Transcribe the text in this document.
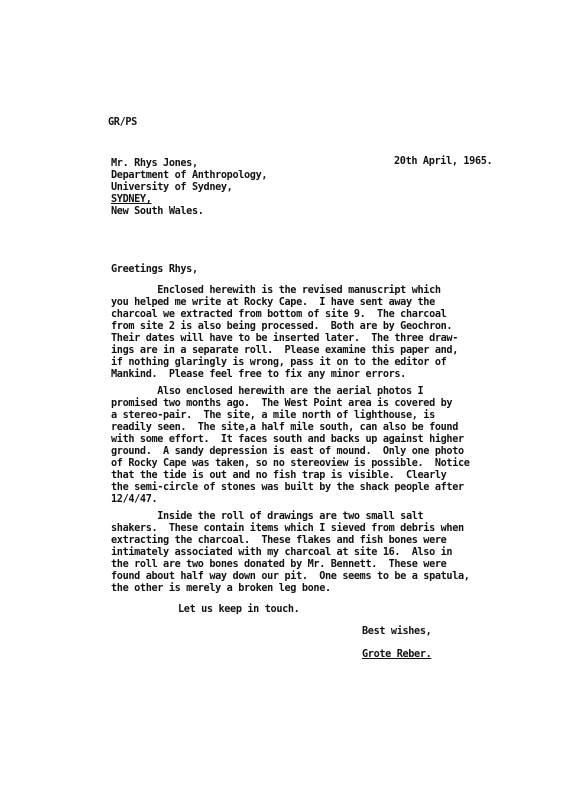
GR/PS
20th April, 1965.
Mr. Rhys Jones,
Department of Anthropology,
University of Sydney,
SYDNEY,
New South Wales.
Greetings Rhys,
Enclosed herewith is the revised manuscript which
you helped me write at Rocky Cape.  I have sent away the
charcoal we extracted from bottom of site 9.  The charcoal
from site 2 is also being processed.  Both are by Geochron.
Their dates will have to be inserted later.  The three draw-
ings are in a separate roll.  Please examine this paper and,
if nothing glaringly is wrong, pass it on to the editor of
Mankind.  Please feel free to fix any minor errors.
Also enclosed herewith are the aerial photos I
promised two months ago.  The West Point area is covered by
a stereo-pair.  The site, a mile north of lighthouse, is
readily seen.  The site,a half mile south, can also be found
with some effort.  It faces south and backs up against higher
ground.  A sandy depression is east of mound.  Only one photo
of Rocky Cape was taken, so no stereoview is possible.  Notice
that the tide is out and no fish trap is visible.  Clearly
the semi-circle of stones was built by the shack people after
12/4/47.
Inside the roll of drawings are two small salt
shakers.  These contain items which I sieved from debris when
extracting the charcoal.  These flakes and fish bones were
intimately associated with my charcoal at site 16.  Also in
the roll are two bones donated by Mr. Bennett.  These were
found about half way down our pit.  One seems to be a spatula,
the other is merely a broken leg bone.
Let us keep in touch.
Best wishes,
Grote Reber.
